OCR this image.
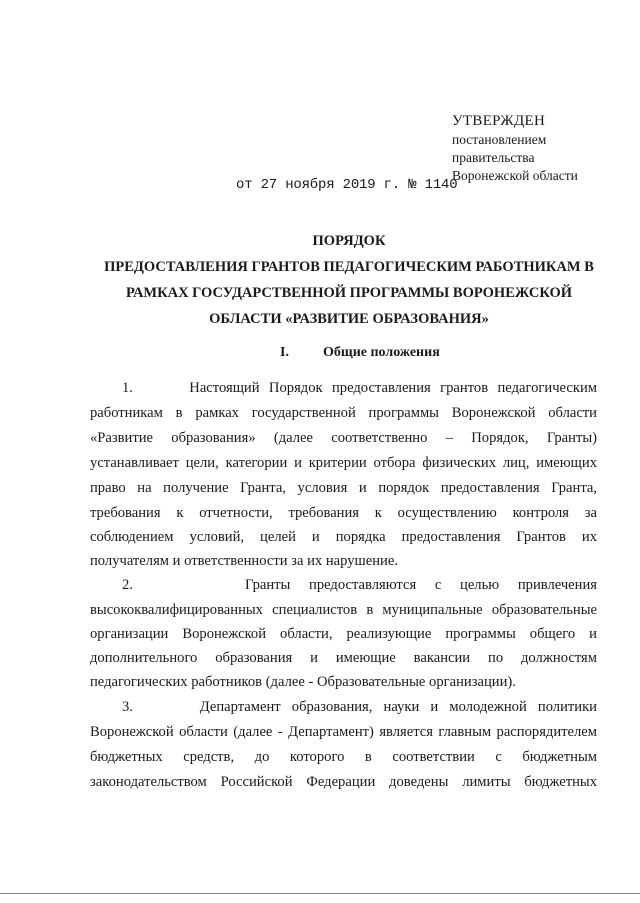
УТВЕРЖДЕН
постановлением
правительства
Воронежской области
от 27 ноября 2019 г. № 1140
ПОРЯДОК
ПРЕДОСТАВЛЕНИЯ ГРАНТОВ ПЕДАГОГИЧЕСКИМ РАБОТНИКАМ В
РАМКАХ ГОСУДАРСТВЕННОЙ ПРОГРАММЫ ВОРОНЕЖСКОЙ
ОБЛАСТИ «РАЗВИТИЕ ОБРАЗОВАНИЯ»
I. Общие положения
1.      Настоящий Порядок предоставления грантов педагогическим
работникам в рамках государственной программы Воронежской области
«Развитие образования» (далее соответственно – Порядок, Гранты)
устанавливает цели, категории и критерии отбора физических лиц, имеющих
право на получение Гранта, условия и порядок предоставления Гранта,
требования к отчетности, требования к осуществлению контроля за
соблюдением условий, целей и порядка предоставления Грантов их
получателям и ответственности за их нарушение.
2.      Гранты предоставляются с целью привлечения
высококвалифицированных специалистов в муниципальные образовательные
организации Воронежской области, реализующие программы общего и
дополнительного образования и имеющие вакансии по должностям
педагогических работников (далее - Образовательные организации).
3.      Департамент образования, науки и молодежной политики
Воронежской области (далее - Департамент) является главным распорядителем
бюджетных средств, до которого в соответствии с бюджетным
законодательством Российской Федерации доведены лимиты бюджетных
